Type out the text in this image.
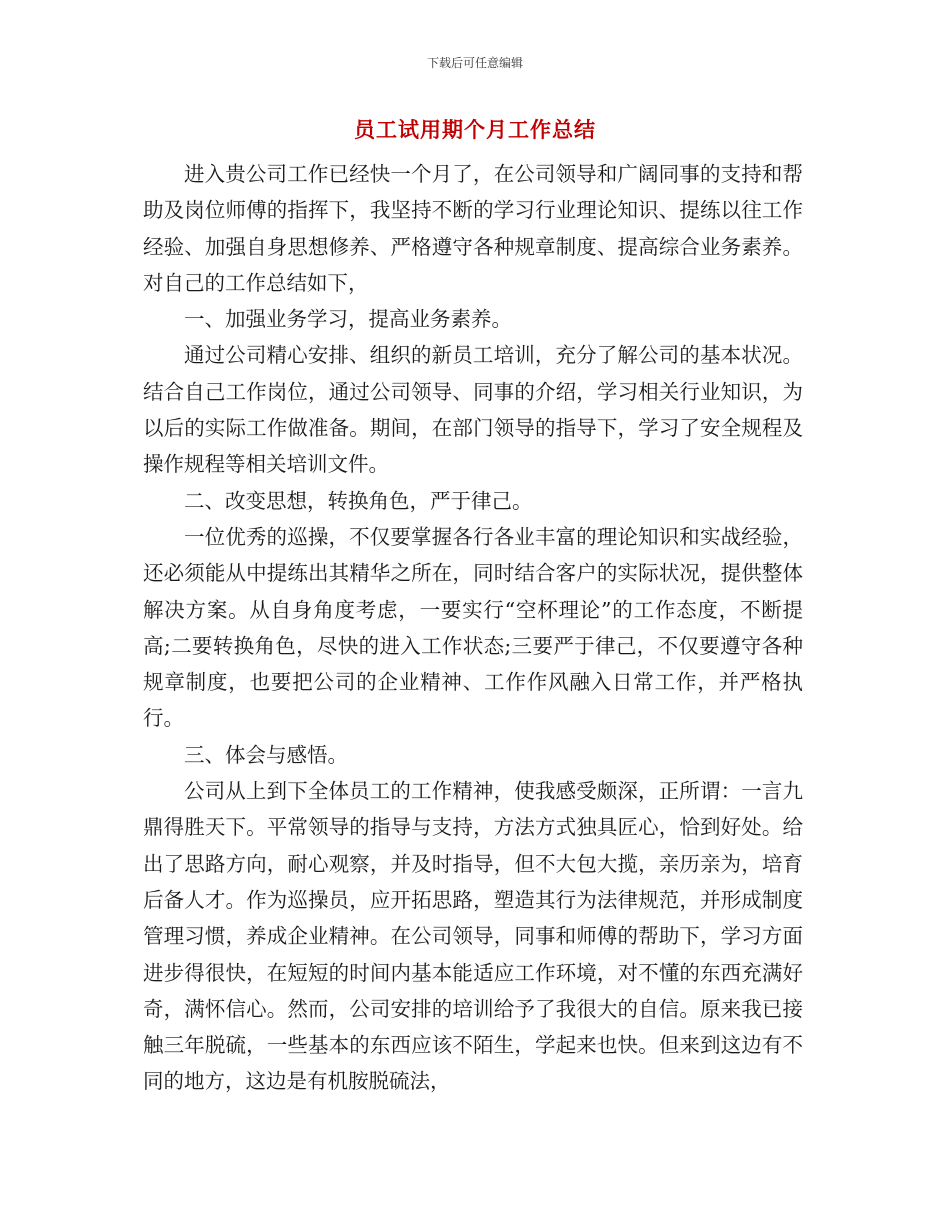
下载后可任意编辑
员工试用期个月工作总结

进入贵公司工作已经快一个月了，在公司领导和广阔同事的支持和帮助及岗位师傅的指挥下，我坚持不断的学习行业理论知识、提练以往工作经验、加强自身思想修养、严格遵守各种规章制度、提高综合业务素养。对自己的工作总结如下，

一、加强业务学习，提高业务素养。

通过公司精心安排、组织的新员工培训，充分了解公司的基本状况。结合自己工作岗位，通过公司领导、同事的介绍，学习相关行业知识，为以后的实际工作做准备。期间，在部门领导的指导下，学习了安全规程及操作规程等相关培训文件。

二、改变思想，转换角色，严于律己。

一位优秀的巡操，不仅要掌握各行各业丰富的理论知识和实战经验，还必须能从中提练出其精华之所在，同时结合客户的实际状况，提供整体解决方案。从自身角度考虑，一要实行“空杯理论”的工作态度，不断提高;二要转换角色，尽快的进入工作状态;三要严于律己，不仅要遵守各种规章制度，也要把公司的企业精神、工作作风融入日常工作，并严格执行。

三、体会与感悟。

公司从上到下全体员工的工作精神，使我感受颇深，正所谓：一言九鼎得胜天下。平常领导的指导与支持，方法方式独具匠心，恰到好处。给出了思路方向，耐心观察，并及时指导，但不大包大揽，亲历亲为，培育后备人才。作为巡操员，应开拓思路，塑造其行为法律规范，并形成制度管理习惯，养成企业精神。在公司领导，同事和师傅的帮助下，学习方面进步得很快，在短短的时间内基本能适应工作环境，对不懂的东西充满好奇，满怀信心。然而，公司安排的培训给予了我很大的自信。原来我已接触三年脱硫，一些基本的东西应该不陌生，学起来也快。但来到这边有不同的地方，这边是有机胺脱硫法，
